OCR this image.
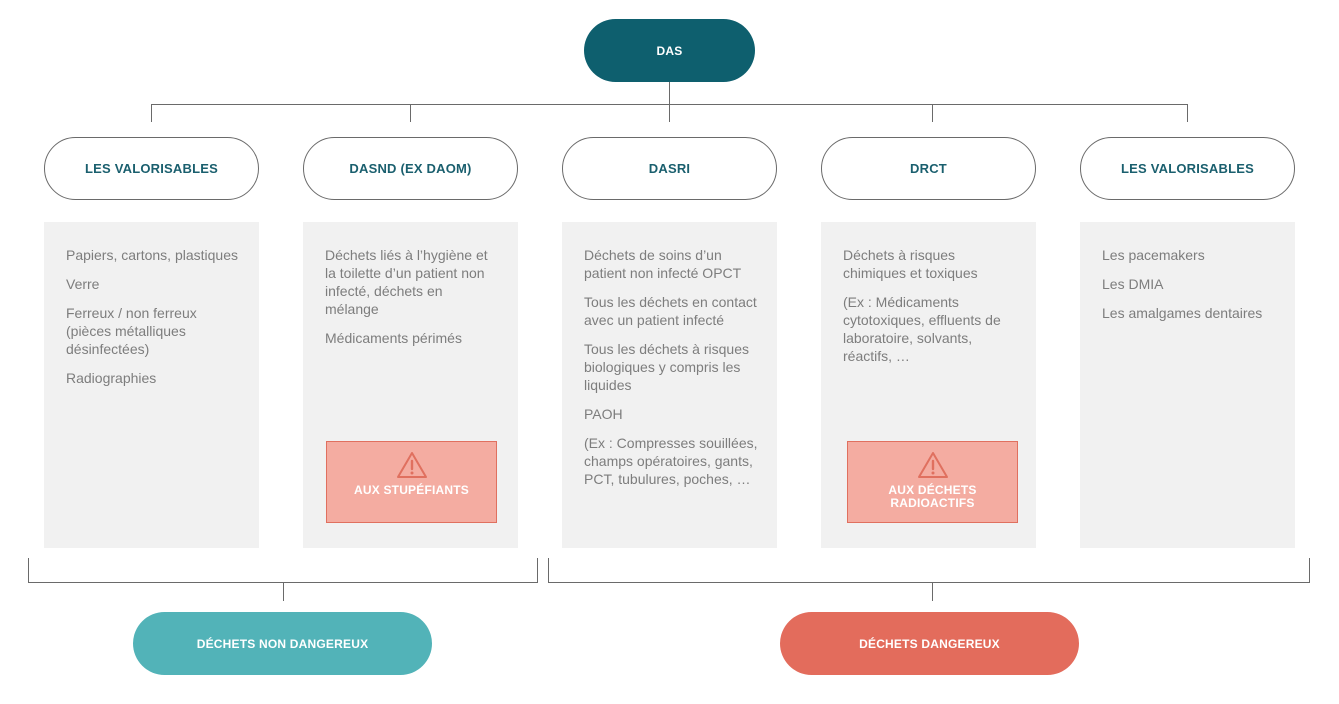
DAS
LES VALORISABLES	DASND (EX DAOM)	DASRI	DRCT	LES VALORISABLES

Papiers, cartons, plastiques

Verre

Ferreux / non ferreux (pièces métalliques désinfectées)

Radiographies

Déchets liés à l’hygiène et la toilette d’un patient non infecté, déchets en mélange

Médicaments périmés

Déchets de soins d’un patient non infecté OPCT

Tous les déchets en contact avec un patient infecté

Tous les déchets à risques biologiques y compris les liquides

PAOH

(Ex : Compresses souillées, champs opératoires, gants, PCT, tubulures, poches, …

Déchets à risques chimiques et toxiques

(Ex : Médicaments cytotoxiques, effluents de laboratoire, solvants, réactifs, …

Les pacemakers

Les DMIA

Les amalgames dentaires

AUX STUPÉFIANTS	AUX DÉCHETS RADIOACTIFS
DÉCHETS NON DANGEREUX	DÉCHETS DANGEREUX
